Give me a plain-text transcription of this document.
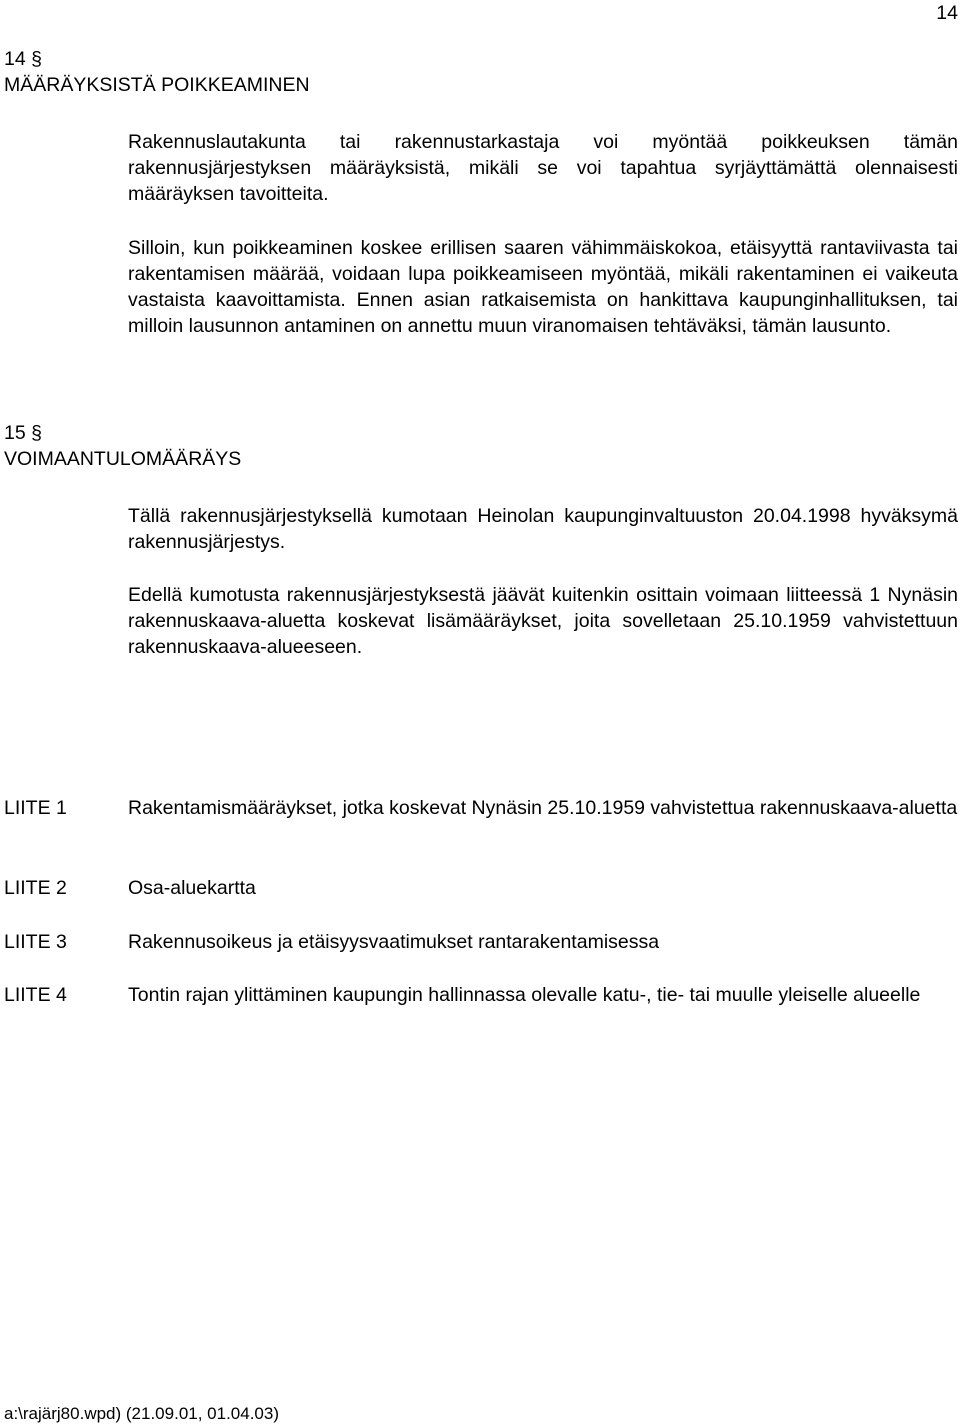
14
14 §
MÄÄRÄYKSISTÄ POIKKEAMINEN

Rakennuslautakunta tai rakennustarkastaja voi myöntää poikkeuksen tämän rakennusjärjestyksen määräyksistä, mikäli se voi tapahtua syrjäyttämättä olennaisesti määräyksen tavoitteita.

Silloin, kun poikkeaminen koskee erillisen saaren vähimmäiskokoa, etäisyyttä rantaviivasta tai rakentamisen määrää, voidaan lupa poikkeamiseen myöntää, mikäli rakentaminen ei vaikeuta vastaista kaavoittamista. Ennen asian ratkaisemista on hankittava kaupunginhallituksen, tai milloin lausunnon antaminen on annettu muun viranomaisen tehtäväksi, tämän lausunto.

15 §
VOIMAANTULOMÄÄRÄYS

Tällä rakennusjärjestyksellä kumotaan Heinolan kaupunginvaltuuston 20.04.1998 hyväksymä rakennusjärjestys.

Edellä kumotusta rakennusjärjestyksestä jäävät kuitenkin osittain voimaan liitteessä 1 Nynäsin rakennuskaava-aluetta koskevat lisämääräykset, joita sovelletaan 25.10.1959 vahvistettuun rakennuskaava-alueeseen.

LIITE 1	Rakentamismääräykset, jotka koskevat Nynäsin 25.10.1959 vahvistettua rakennuskaava-aluetta

LIITE 2	Osa-aluekartta

LIITE 3	Rakennusoikeus ja etäisyysvaatimukset rantarakentamisessa

LIITE 4	Tontin rajan ylittäminen kaupungin hallinnassa olevalle katu-, tie- tai muulle yleiselle alueelle

a:\rajärj80.wpd) (21.09.01, 01.04.03)
